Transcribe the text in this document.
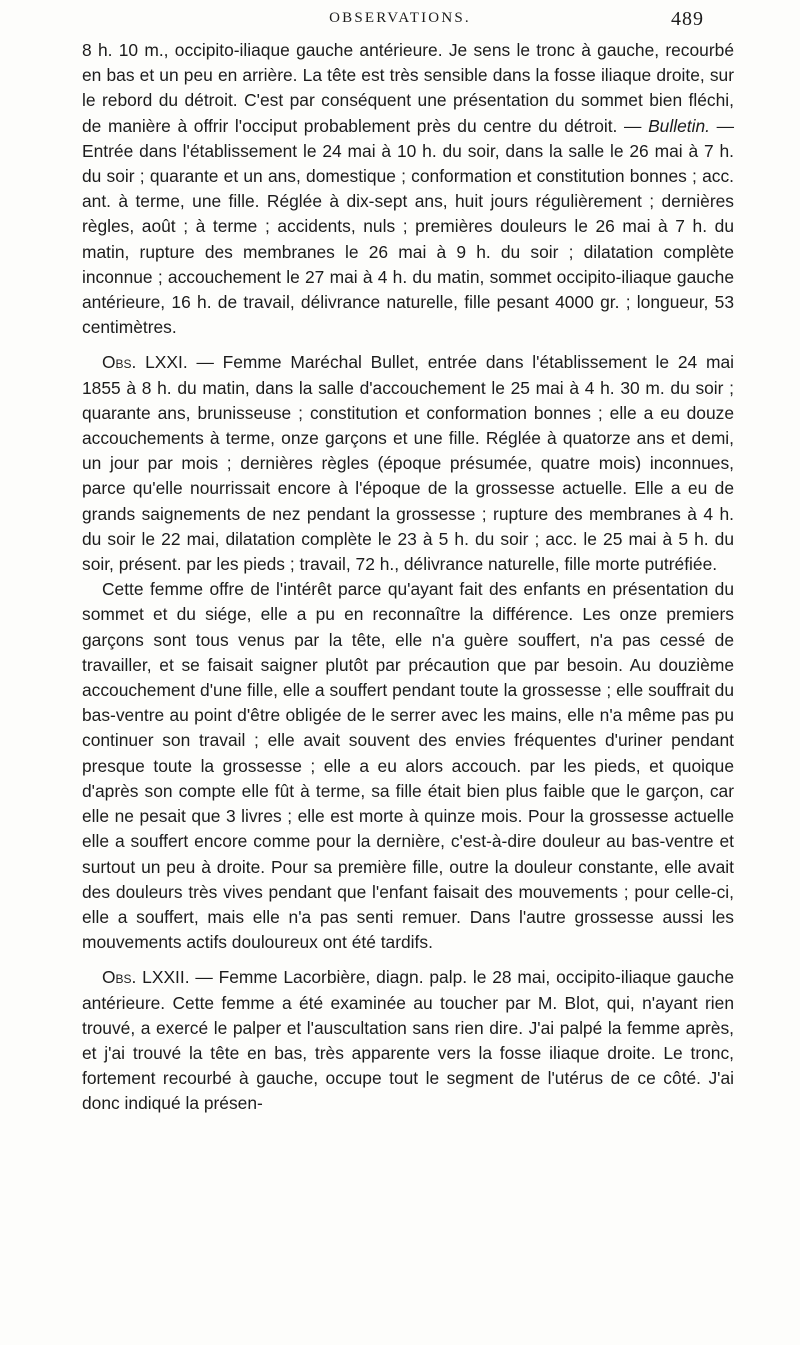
OBSERVATIONS.	489

8 h. 10 m., occipito-iliaque gauche antérieure. Je sens le tronc à gauche, recourbé en bas et un peu en arrière. La tête est très sensible dans la fosse iliaque droite, sur le rebord du détroit. C'est par conséquent une présentation du sommet bien fléchi, de manière à offrir l'occiput probablement près du centre du détroit. — Bulletin. — Entrée dans l'établissement le 24 mai à 10 h. du soir, dans la salle le 26 mai à 7 h. du soir ; quarante et un ans, domestique ; conformation et constitution bonnes ; acc. ant. à terme, une fille. Réglée à dix-sept ans, huit jours régulièrement ; dernières règles, août ; à terme ; accidents, nuls ; premières douleurs le 26 mai à 7 h. du matin, rupture des membranes le 26 mai à 9 h. du soir ; dilatation complète inconnue ; accouchement le 27 mai à 4 h. du matin, sommet occipito-iliaque gauche antérieure, 16 h. de travail, délivrance naturelle, fille pesant 4000 gr. ; longueur, 53 centimètres.

Obs. LXXI. — Femme Maréchal Bullet, entrée dans l'établissement le 24 mai 1855 à 8 h. du matin, dans la salle d'accouchement le 25 mai à 4 h. 30 m. du soir ; quarante ans, brunisseuse ; constitution et conformation bonnes ; elle a eu douze accouchements à terme, onze garçons et une fille. Réglée à quatorze ans et demi, un jour par mois ; dernières règles (époque présumée, quatre mois) inconnues, parce qu'elle nourrissait encore à l'époque de la grossesse actuelle. Elle a eu de grands saignements de nez pendant la grossesse ; rupture des membranes à 4 h. du soir le 22 mai, dilatation complète le 23 à 5 h. du soir ; acc. le 25 mai à 5 h. du soir, présent. par les pieds ; travail, 72 h., délivrance naturelle, fille morte putréfiée.

Cette femme offre de l'intérêt parce qu'ayant fait des enfants en présentation du sommet et du siége, elle a pu en reconnaître la différence. Les onze premiers garçons sont tous venus par la tête, elle n'a guère souffert, n'a pas cessé de travailler, et se faisait saigner plutôt par précaution que par besoin. Au douzième accouchement d'une fille, elle a souffert pendant toute la grossesse ; elle souffrait du bas-ventre au point d'être obligée de le serrer avec les mains, elle n'a même pas pu continuer son travail ; elle avait souvent des envies fréquentes d'uriner pendant presque toute la grossesse ; elle a eu alors accouch. par les pieds, et quoique d'après son compte elle fût à terme, sa fille était bien plus faible que le garçon, car elle ne pesait que 3 livres ; elle est morte à quinze mois. Pour la grossesse actuelle elle a souffert encore comme pour la dernière, c'est-à-dire douleur au bas-ventre et surtout un peu à droite. Pour sa première fille, outre la douleur constante, elle avait des douleurs très vives pendant que l'enfant faisait des mouvements ; pour celle-ci, elle a souffert, mais elle n'a pas senti remuer. Dans l'autre grossesse aussi les mouvements actifs douloureux ont été tardifs.

Obs. LXXII. — Femme Lacorbière, diagn. palp. le 28 mai, occipito-iliaque gauche antérieure. Cette femme a été examinée au toucher par M. Blot, qui, n'ayant rien trouvé, a exercé le palper et l'auscultation sans rien dire. J'ai palpé la femme après, et j'ai trouvé la tête en bas, très apparente vers la fosse iliaque droite. Le tronc, fortement recourbé à gauche, occupe tout le segment de l'utérus de ce côté. J'ai donc indiqué la présen-
